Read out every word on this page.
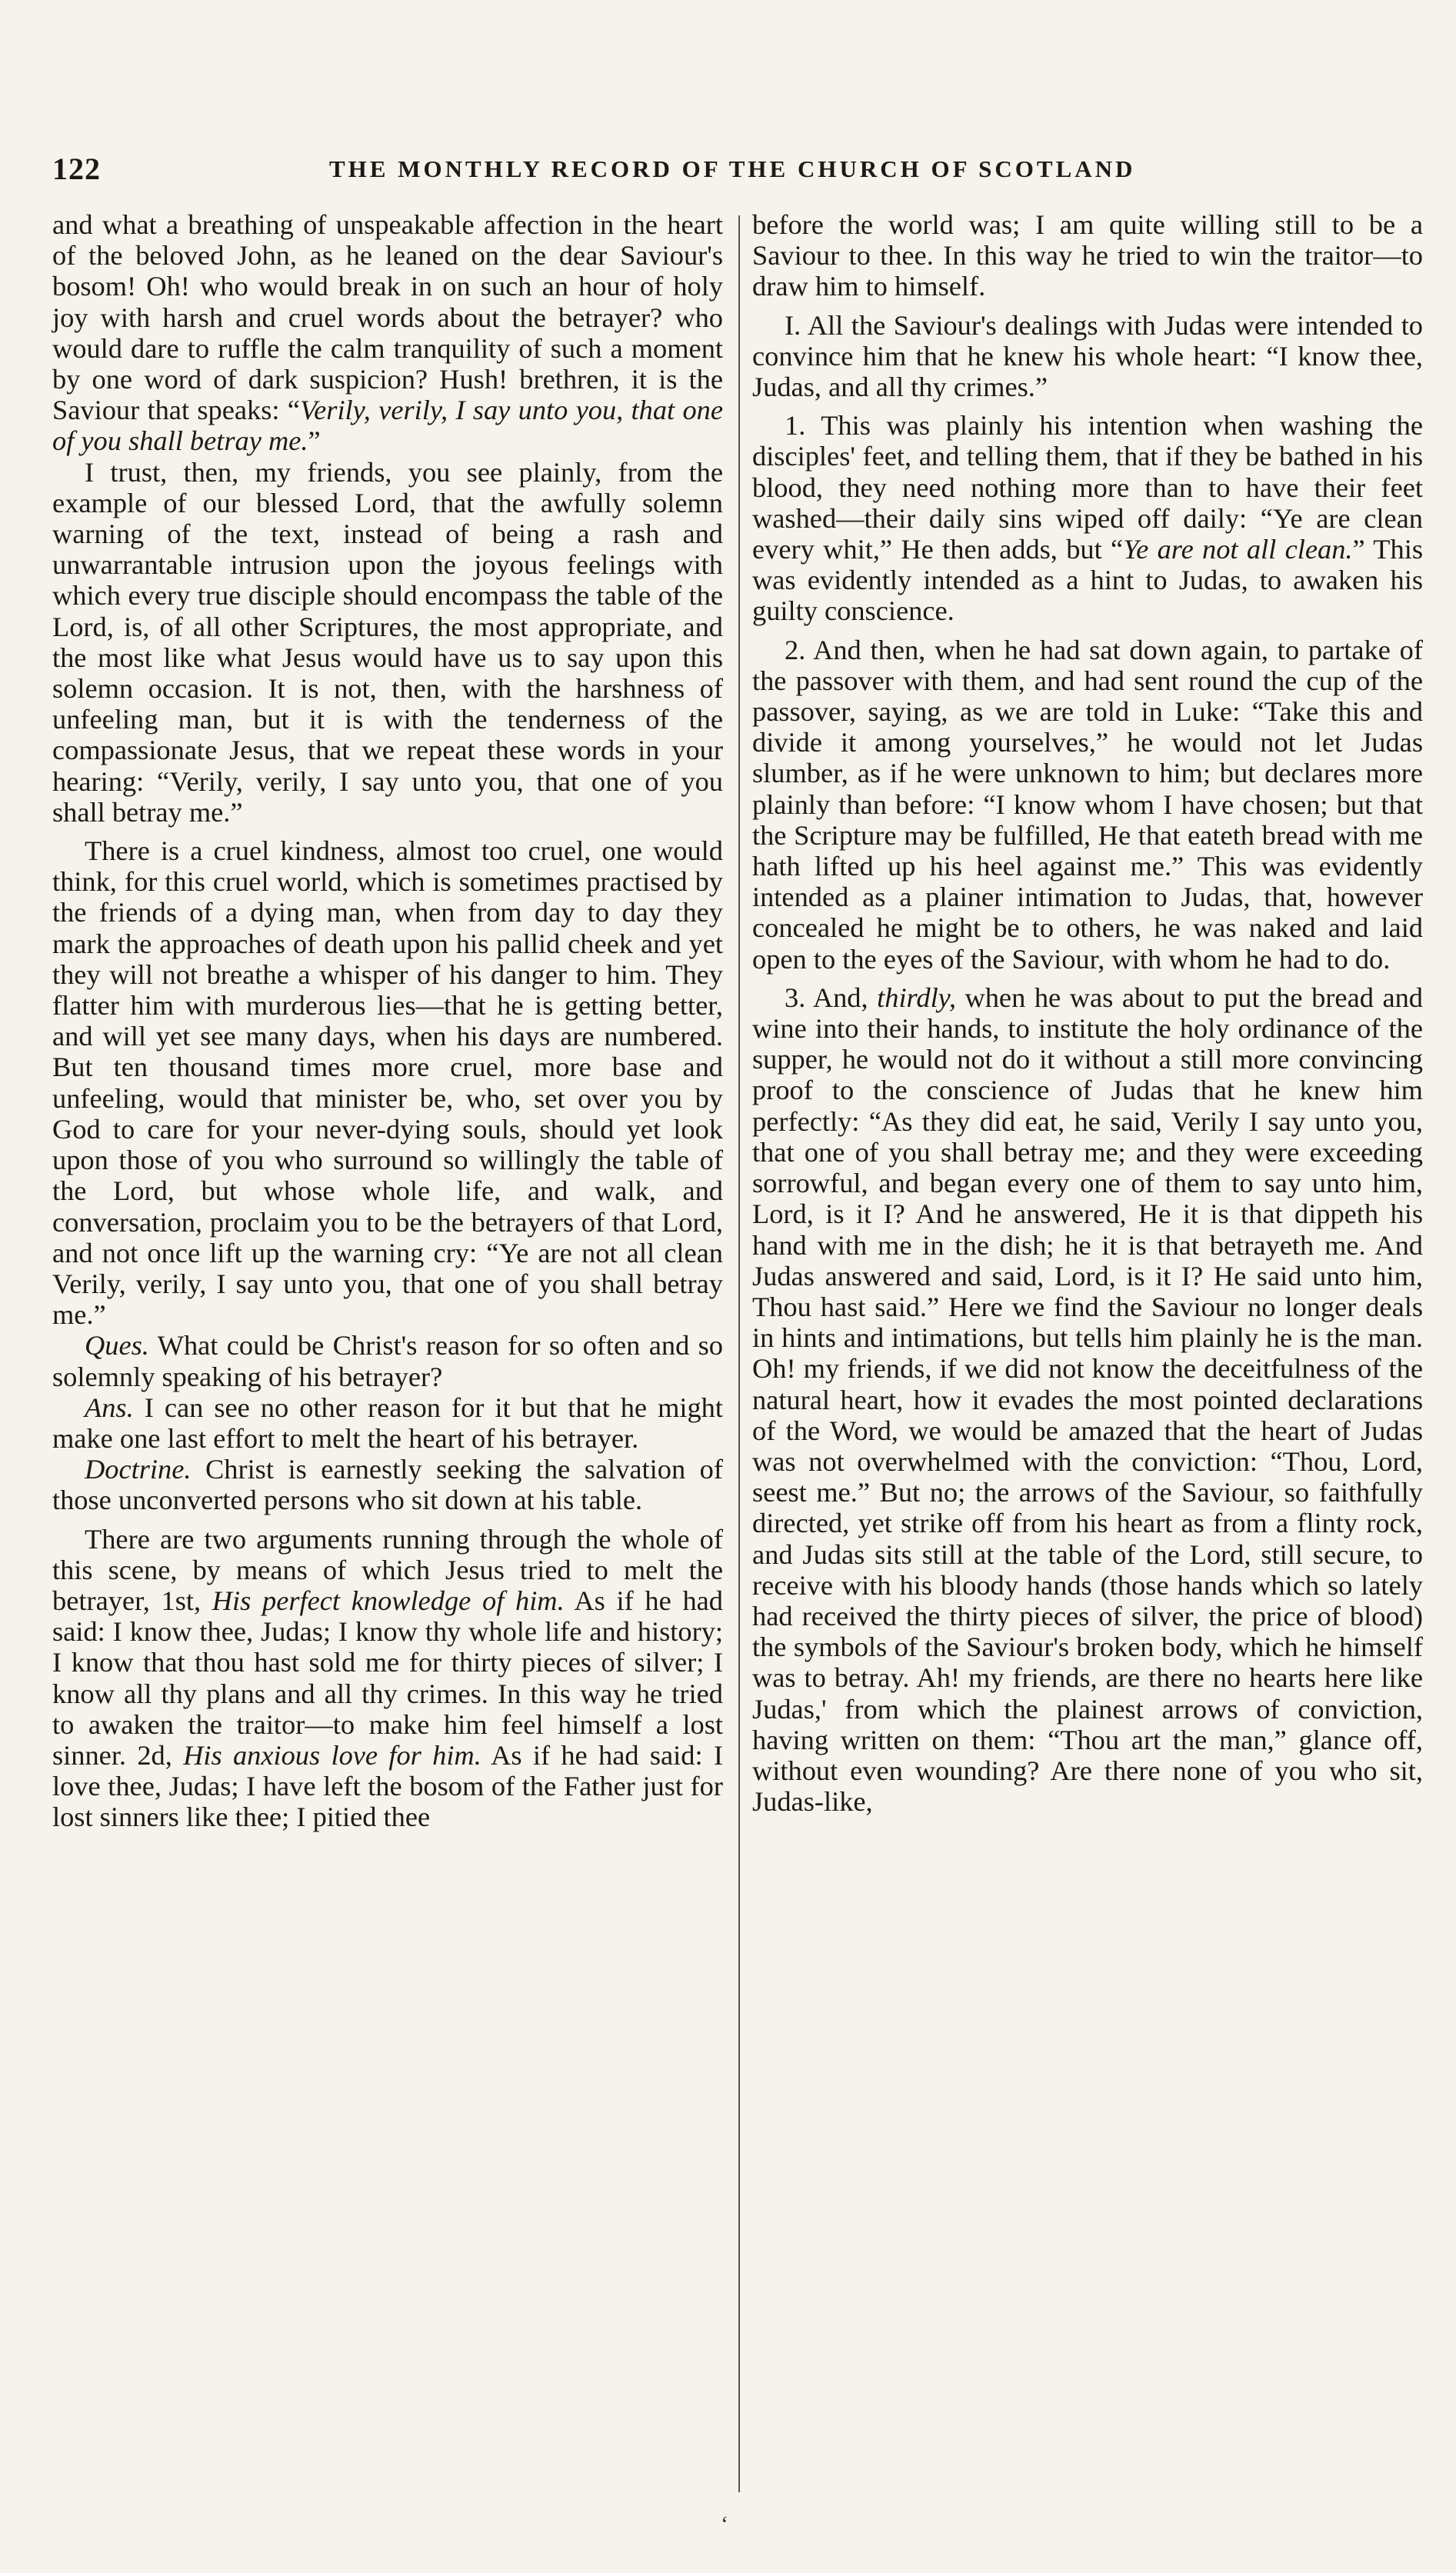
122	THE MONTHLY RECORD OF THE CHURCH OF SCOTLAND

and what a breathing of unspeakable affection in the heart of the beloved John, as he leaned on the dear Saviour's bosom! Oh! who would break in on such an hour of holy joy with harsh and cruel words about the betrayer? who would dare to ruffle the calm tranquility of such a moment by one word of dark suspicion? Hush! brethren, it is the Saviour that speaks: “Verily, verily, I say unto you, that one of you shall betray me.”

I trust, then, my friends, you see plainly, from the example of our blessed Lord, that the awfully solemn warning of the text, instead of being a rash and unwarrantable intrusion upon the joyous feelings with which every true disciple should encompass the table of the Lord, is, of all other Scriptures, the most appropriate, and the most like what Jesus would have us to say upon this solemn occasion. It is not, then, with the harshness of unfeeling man, but it is with the tenderness of the compassionate Jesus, that we repeat these words in your hearing: “Verily, verily, I say unto you, that one of you shall betray me.”

There is a cruel kindness, almost too cruel, one would think, for this cruel world, which is sometimes practised by the friends of a dying man, when from day to day they mark the approaches of death upon his pallid cheek and yet they will not breathe a whisper of his danger to him. They flatter him with murderous lies—that he is getting better, and will yet see many days, when his days are numbered. But ten thousand times more cruel, more base and unfeeling, would that minister be, who, set over you by God to care for your never-dying souls, should yet look upon those of you who surround so willingly the table of the Lord, but whose whole life, and walk, and conversation, proclaim you to be the betrayers of that Lord, and not once lift up the warning cry: “Ye are not all clean Verily, verily, I say unto you, that one of you shall betray me.”

Ques. What could be Christ's reason for so often and so solemnly speaking of his betrayer?

Ans. I can see no other reason for it but that he might make one last effort to melt the heart of his betrayer.

Doctrine. Christ is earnestly seeking the salvation of those unconverted persons who sit down at his table.

There are two arguments running through the whole of this scene, by means of which Jesus tried to melt the betrayer, 1st, His perfect knowledge of him. As if he had said: I know thee, Judas; I know thy whole life and history; I know that thou hast sold me for thirty pieces of silver; I know all thy plans and all thy crimes. In this way he tried to awaken the traitor—to make him feel himself a lost sinner. 2d, His anxious love for him. As if he had said: I love thee, Judas; I have left the bosom of the Father just for lost sinners like thee; I pitied thee

before the world was; I am quite willing still to be a Saviour to thee. In this way he tried to win the traitor—to draw him to himself.

I. All the Saviour's dealings with Judas were intended to convince him that he knew his whole heart: “I know thee, Judas, and all thy crimes.”

1. This was plainly his intention when washing the disciples' feet, and telling them, that if they be bathed in his blood, they need nothing more than to have their feet washed—their daily sins wiped off daily: “Ye are clean every whit,” He then adds, but “Ye are not all clean.” This was evidently intended as a hint to Judas, to awaken his guilty conscience.

2. And then, when he had sat down again, to partake of the passover with them, and had sent round the cup of the passover, saying, as we are told in Luke: “Take this and divide it among yourselves,” he would not let Judas slumber, as if he were unknown to him; but declares more plainly than before: “I know whom I have chosen; but that the Scripture may be fulfilled, He that eateth bread with me hath lifted up his heel against me.” This was evidently intended as a plainer intimation to Judas, that, however concealed he might be to others, he was naked and laid open to the eyes of the Saviour, with whom he had to do.

3. And, thirdly, when he was about to put the bread and wine into their hands, to institute the holy ordinance of the supper, he would not do it without a still more convincing proof to the conscience of Judas that he knew him perfectly: “As they did eat, he said, Verily I say unto you, that one of you shall betray me; and they were exceeding sorrowful, and began every one of them to say unto him, Lord, is it I? And he answered, He it is that dippeth his hand with me in the dish; he it is that betrayeth me. And Judas answered and said, Lord, is it I? He said unto him, Thou hast said.” Here we find the Saviour no longer deals in hints and intimations, but tells him plainly he is the man. Oh! my friends, if we did not know the deceitfulness of the natural heart, how it evades the most pointed declarations of the Word, we would be amazed that the heart of Judas was not overwhelmed with the conviction: “Thou, Lord, seest me.” But no; the arrows of the Saviour, so faithfully directed, yet strike off from his heart as from a flinty rock, and Judas sits still at the table of the Lord, still secure, to receive with his bloody hands (those hands which so lately had received the thirty pieces of silver, the price of blood) the symbols of the Saviour's broken body, which he himself was to betray. Ah! my friends, are there no hearts here like Judas,' from which the plainest arrows of conviction, having written on them: “Thou art the man,” glance off, without even wounding? Are there none of you who sit, Judas-like,

‘
